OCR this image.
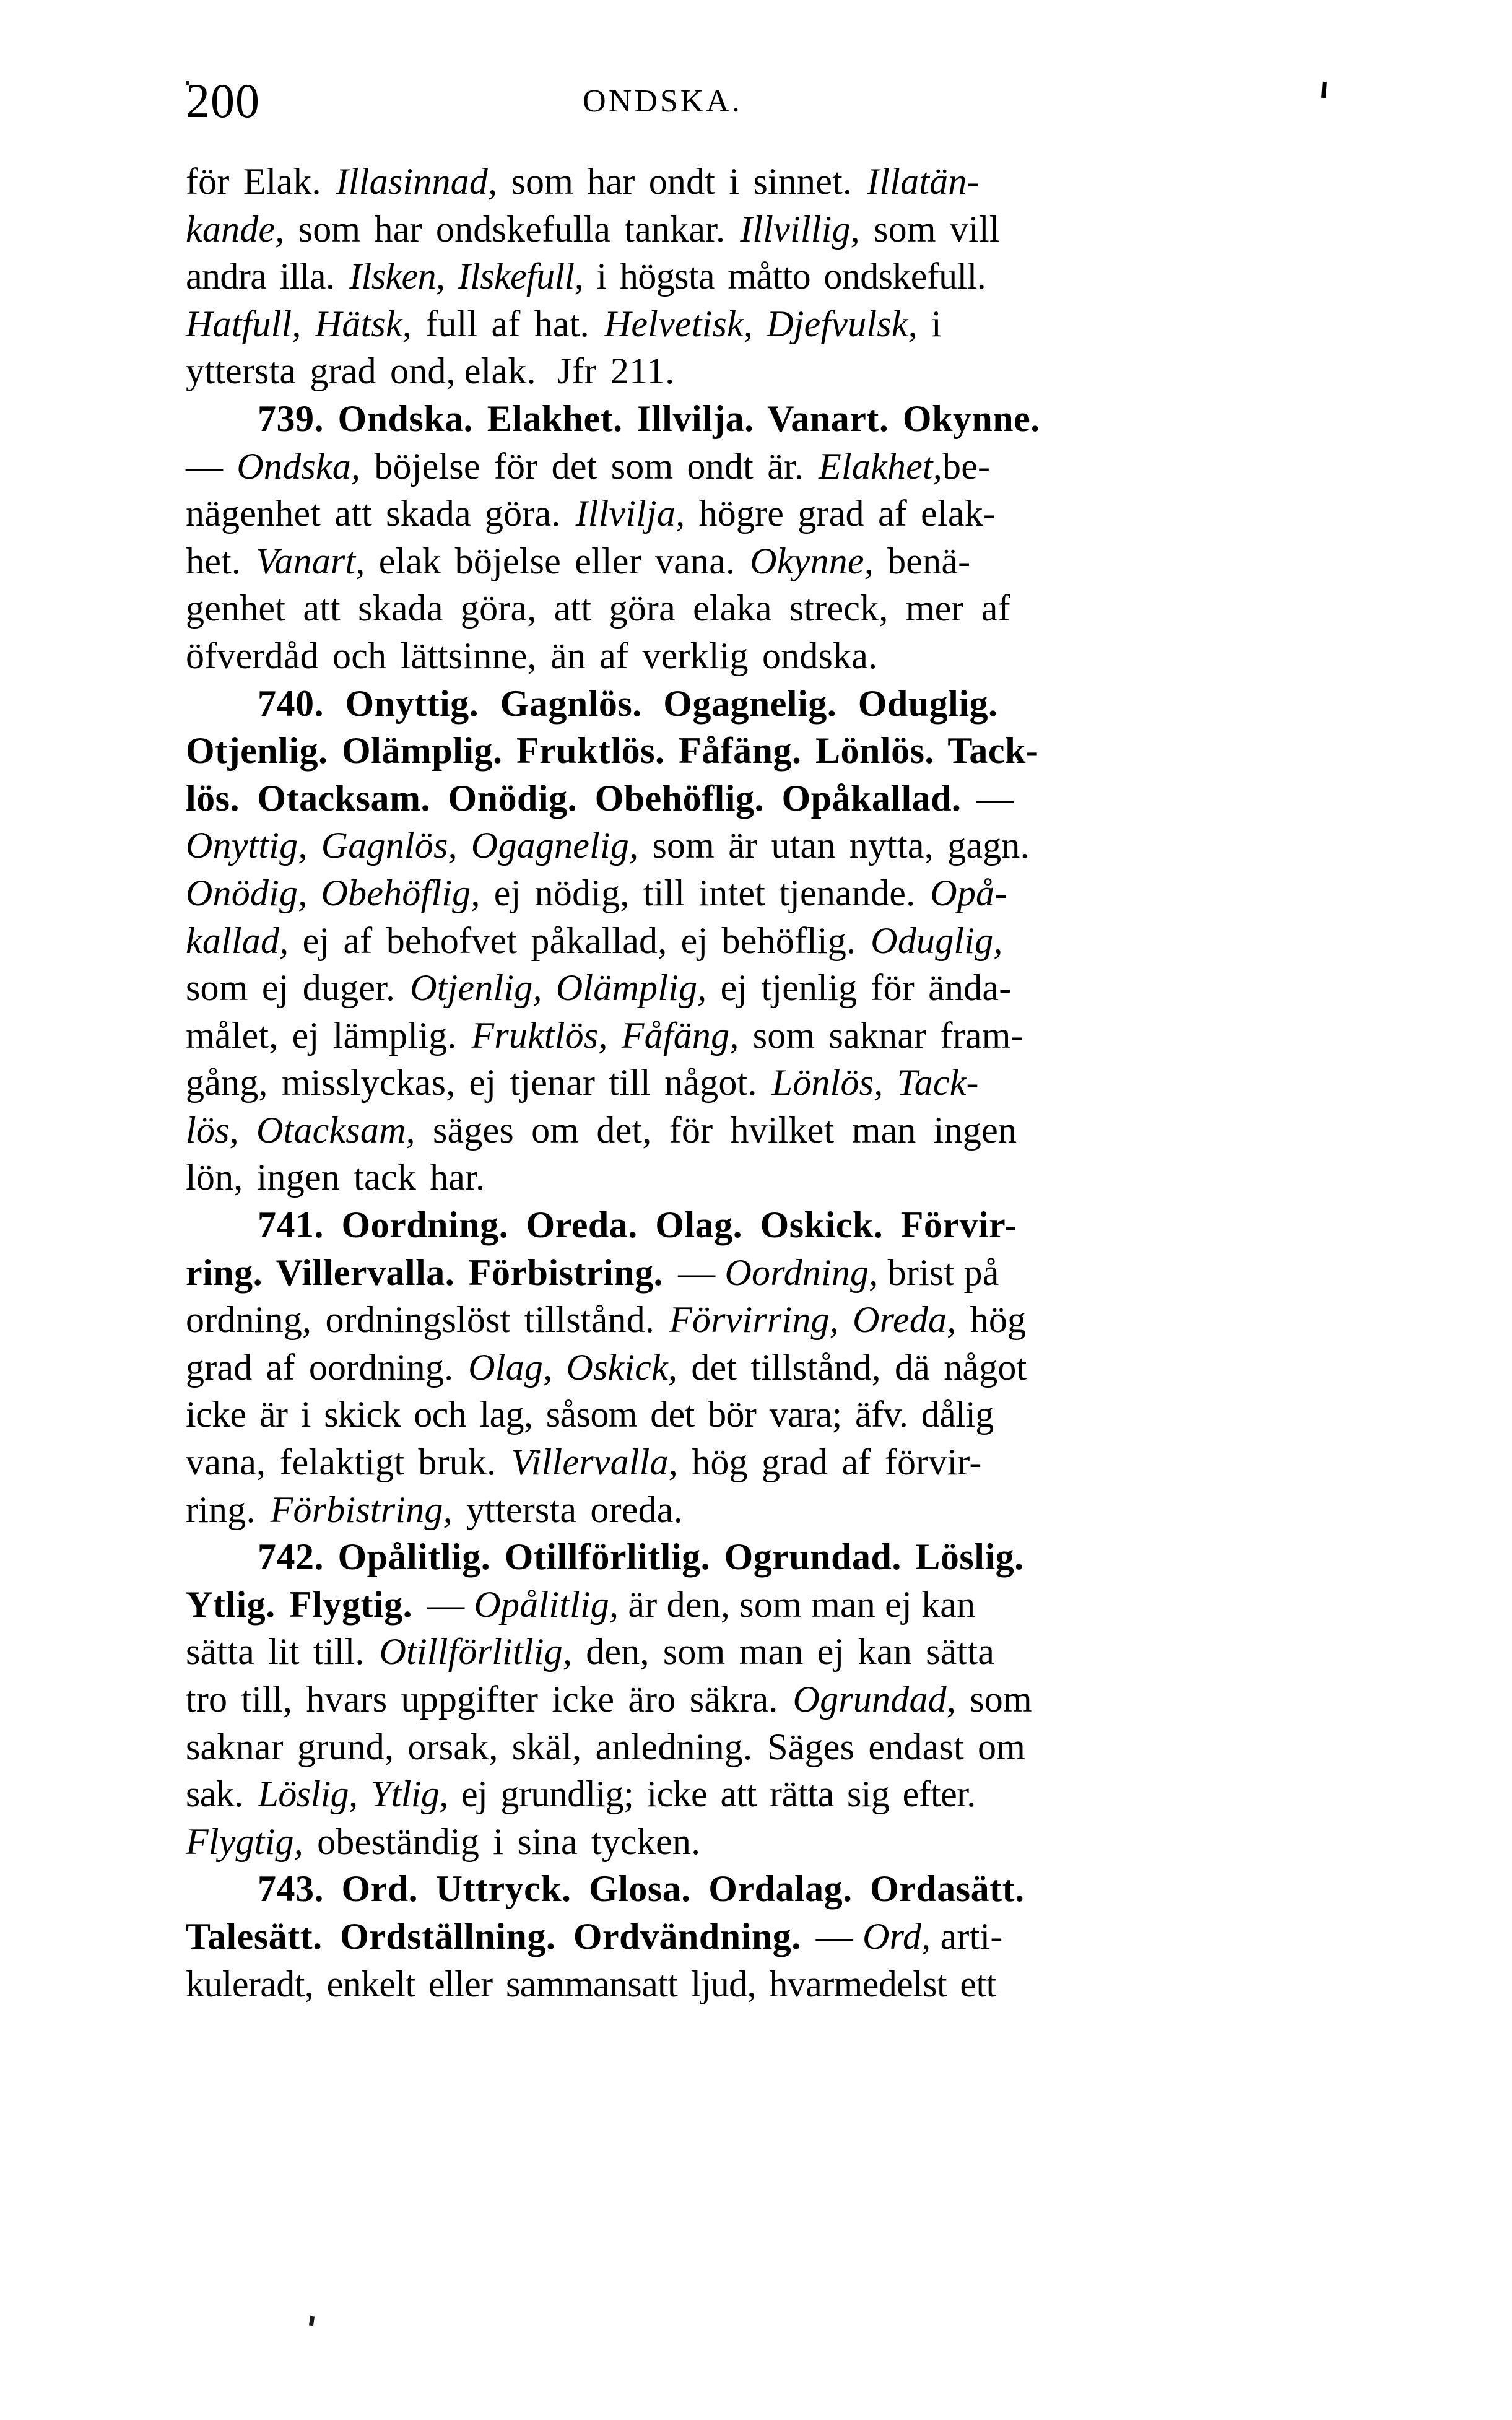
200	ONDSKA.
för Elak. Illasinnad, som har ondt i sinnet. Illatän-
kande, som har ondskefulla tankar. Illvillig, som vill
andra illa. Ilsken, Ilskefull, i högsta måtto ondskefull.
Hatfull, Hätsk, full af hat. Helvetisk, Djefvulsk, i
yttersta grad ond, elak. Jfr 211.
739. Ondska. Elakhet. Illvilja. Vanart. Okynne.
— Ondska, böjelse för det som ondt är. Elakhet,be-
nägenhet att skada göra. Illvilja, högre grad af elak-
het. Vanart, elak böjelse eller vana. Okynne, benä-
genhet att skada göra, att göra elaka streck, mer af
öfverdåd och lättsinne, än af verklig ondska.
740. Onyttig. Gagnlös. Ogagnelig. Oduglig.
Otjenlig. Olämplig. Fruktlös. Fåfäng. Lönlös. Tack-
lös. Otacksam. Onödig. Obehöflig. Opåkallad. —
Onyttig, Gagnlös, Ogagnelig, som är utan nytta, gagn.
Onödig, Obehöflig, ej nödig, till intet tjenande. Opå-
kallad, ej af behofvet påkallad, ej behöflig. Oduglig,
som ej duger. Otjenlig, Olämplig, ej tjenlig för ända-
målet, ej lämplig. Fruktlös, Fåfäng, som saknar fram-
gång, misslyckas, ej tjenar till något. Lönlös, Tack-
lös, Otacksam, säges om det, för hvilket man ingen
lön, ingen tack har.
741. Oordning. Oreda. Olag. Oskick. Förvir-
ring. Villervalla. Förbistring. — Oordning, brist på
ordning, ordningslöst tillstånd. Förvirring, Oreda, hög
grad af oordning. Olag, Oskick, det tillstånd, dä något
icke är i skick och lag, såsom det bör vara; äfv. dålig
vana, felaktigt bruk. Villervalla, hög grad af förvir-
ring. Förbistring, yttersta oreda.
742. Opålitlig. Otillförlitlig. Ogrundad. Löslig.
Ytlig. Flygtig. — Opålitlig, är den, som man ej kan
sätta lit till. Otillförlitlig, den, som man ej kan sätta
tro till, hvars uppgifter icke äro säkra. Ogrundad, som
saknar grund, orsak, skäl, anledning. Säges endast om
sak. Löslig, Ytlig, ej grundlig; icke att rätta sig efter.
Flygtig, obeständig i sina tycken.
743. Ord. Uttryck. Glosa. Ordalag. Ordasätt.
Talesätt. Ordställning. Ordvändning. — Ord, arti-
kuleradt, enkelt eller sammansatt ljud, hvarmedelst ett
